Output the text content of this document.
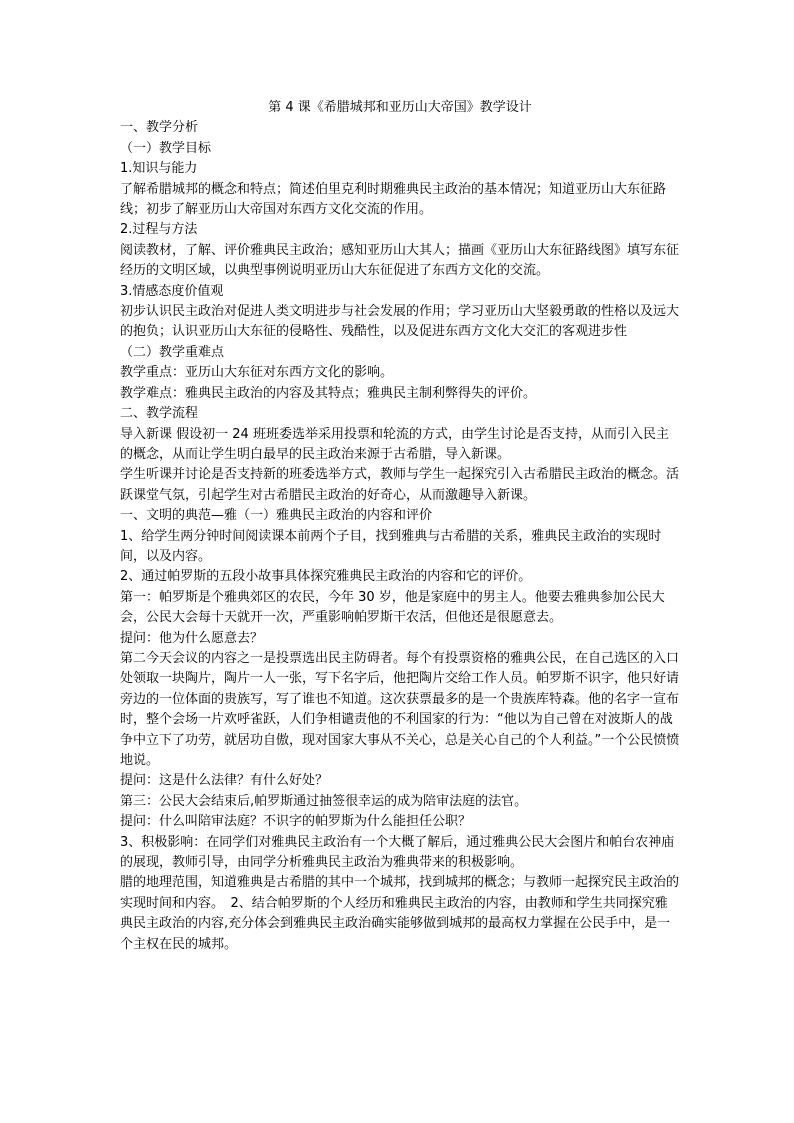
第 4 课《希腊城邦和亚历山大帝国》教学设计

一、教学分析

（一）教学目标

1.知识与能力

了解希腊城邦的概念和特点；简述伯里克利时期雅典民主政治的基本情况；知道亚历山大东征路线；初步了解亚历山大帝国对东西方文化交流的作用。

2.过程与方法

阅读教材，了解、评价雅典民主政治；感知亚历山大其人；描画《亚历山大东征路线图》填写东征经历的文明区域，以典型事例说明亚历山大东征促进了东西方文化的交流。

3.情感态度价值观

初步认识民主政治对促进人类文明进步与社会发展的作用；学习亚历山大坚毅勇敢的性格以及远大的抱负；认识亚历山大东征的侵略性、残酷性，以及促进东西方文化大交汇的客观进步性

（二）教学重难点

教学重点：亚历山大东征对东西方文化的影响。

教学难点：雅典民主政治的内容及其特点；雅典民主制利弊得失的评价。

二、教学流程

导入新课 假设初一 24 班班委选举采用投票和轮流的方式，由学生讨论是否支持，从而引入民主的概念，从而让学生明白最早的民主政治来源于古希腊，导入新课。

学生听课并讨论是否支持新的班委选举方式，教师与学生一起探究引入古希腊民主政治的概念。活跃课堂气氛，引起学生对古希腊民主政治的好奇心，从而激趣导入新课。

一、文明的典范—雅（一）雅典民主政治的内容和评价

1、给学生两分钟时间阅读课本前两个子目，找到雅典与古希腊的关系，雅典民主政治的实现时间，以及内容。

2、通过帕罗斯的五段小故事具体探究雅典民主政治的内容和它的评价。

第一：帕罗斯是个雅典郊区的农民，今年 30 岁，他是家庭中的男主人。他要去雅典参加公民大会，公民大会每十天就开一次，严重影响帕罗斯干农活，但他还是很愿意去。

提问：他为什么愿意去？

第二今天会议的内容之一是投票选出民主防碍者。每个有投票资格的雅典公民，在自己选区的入口处领取一块陶片，陶片一人一张，写下名字后，他把陶片交给工作人员。帕罗斯不识字，他只好请旁边的一位体面的贵族写，写了谁也不知道。这次获票最多的是一个贵族库特森。他的名字一宣布时，整个会场一片欢呼雀跃，人们争相谴责他的不利国家的行为：“他以为自己曾在对波斯人的战争中立下了功劳，就居功自傲，现对国家大事从不关心，总是关心自己的个人利益。”一个公民愤愤地说。

提问：这是什么法律？有什么好处？

第三：公民大会结束后,帕罗斯通过抽签很幸运的成为陪审法庭的法官。

提问：什么叫陪审法庭？不识字的帕罗斯为什么能担任公职？

3、积极影响：在同学们对雅典民主政治有一个大概了解后，通过雅典公民大会图片和帕台农神庙的展现，教师引导，由同学分析雅典民主政治为雅典带来的积极影响。

腊的地理范围，知道雅典是古希腊的其中一个城邦，找到城邦的概念；与教师一起探究民主政治的实现时间和内容。　2、结合帕罗斯的个人经历和雅典民主政治的内容，由教师和学生共同探究雅典民主政治的内容,充分体会到雅典民主政治确实能够做到城邦的最高权力掌握在公民手中，是一个主权在民的城邦。
